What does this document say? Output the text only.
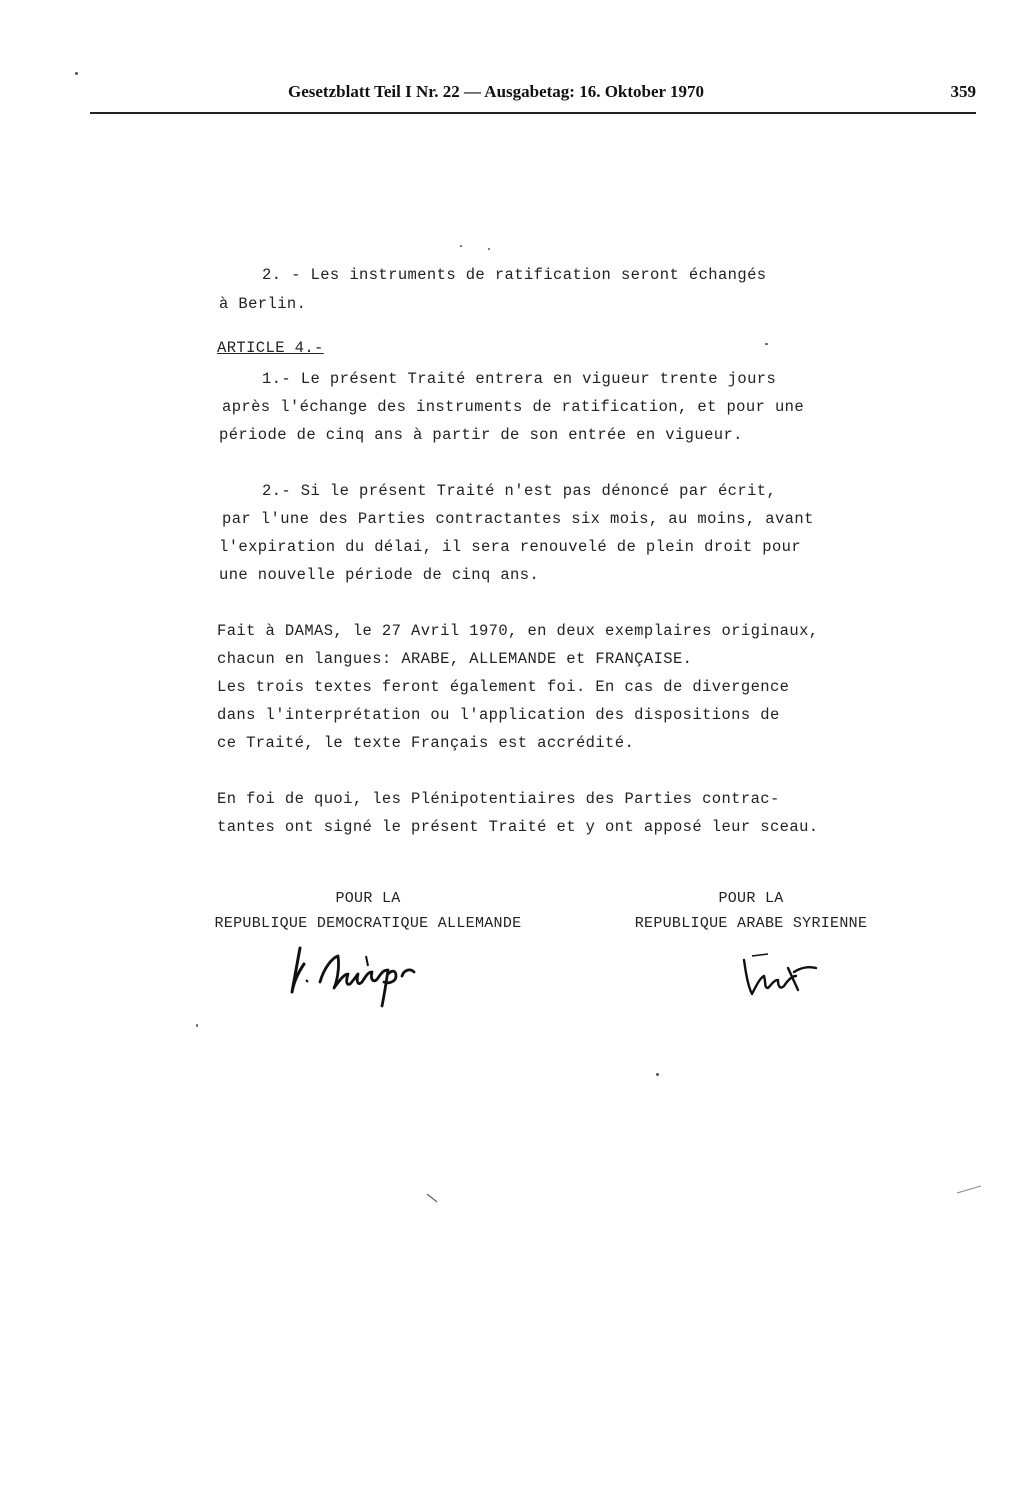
Gesetzblatt Teil I Nr. 22 — Ausgabetag: 16. Oktober 1970	359
2. - Les instruments de ratification seront échangés
à Berlin.
ARTICLE 4.-
1.- Le présent Traité entrera en vigueur trente jours
après l'échange des instruments de ratification, et pour une
période de cinq ans à partir de son entrée en vigueur.
2.- Si le présent Traité n'est pas dénoncé par écrit,
par l'une des Parties contractantes six mois, au moins, avant
l'expiration du délai, il sera renouvelé de plein droit pour
une nouvelle période de cinq ans.
Fait à DAMAS, le 27 Avril 1970, en deux exemplaires originaux,
chacun en langues: ARABE, ALLEMANDE et FRANÇAISE.
Les trois textes feront également foi. En cas de divergence
dans l'interprétation ou l'application des dispositions de
ce Traité, le texte Français est accrédité.
En foi de quoi, les Plénipotentiaires des Parties contrac-
tantes ont signé le présent Traité et y ont apposé leur sceau.
POUR LA
REPUBLIQUE DEMOCRATIQUE ALLEMANDE
POUR LA
REPUBLIQUE ARABE SYRIENNE
